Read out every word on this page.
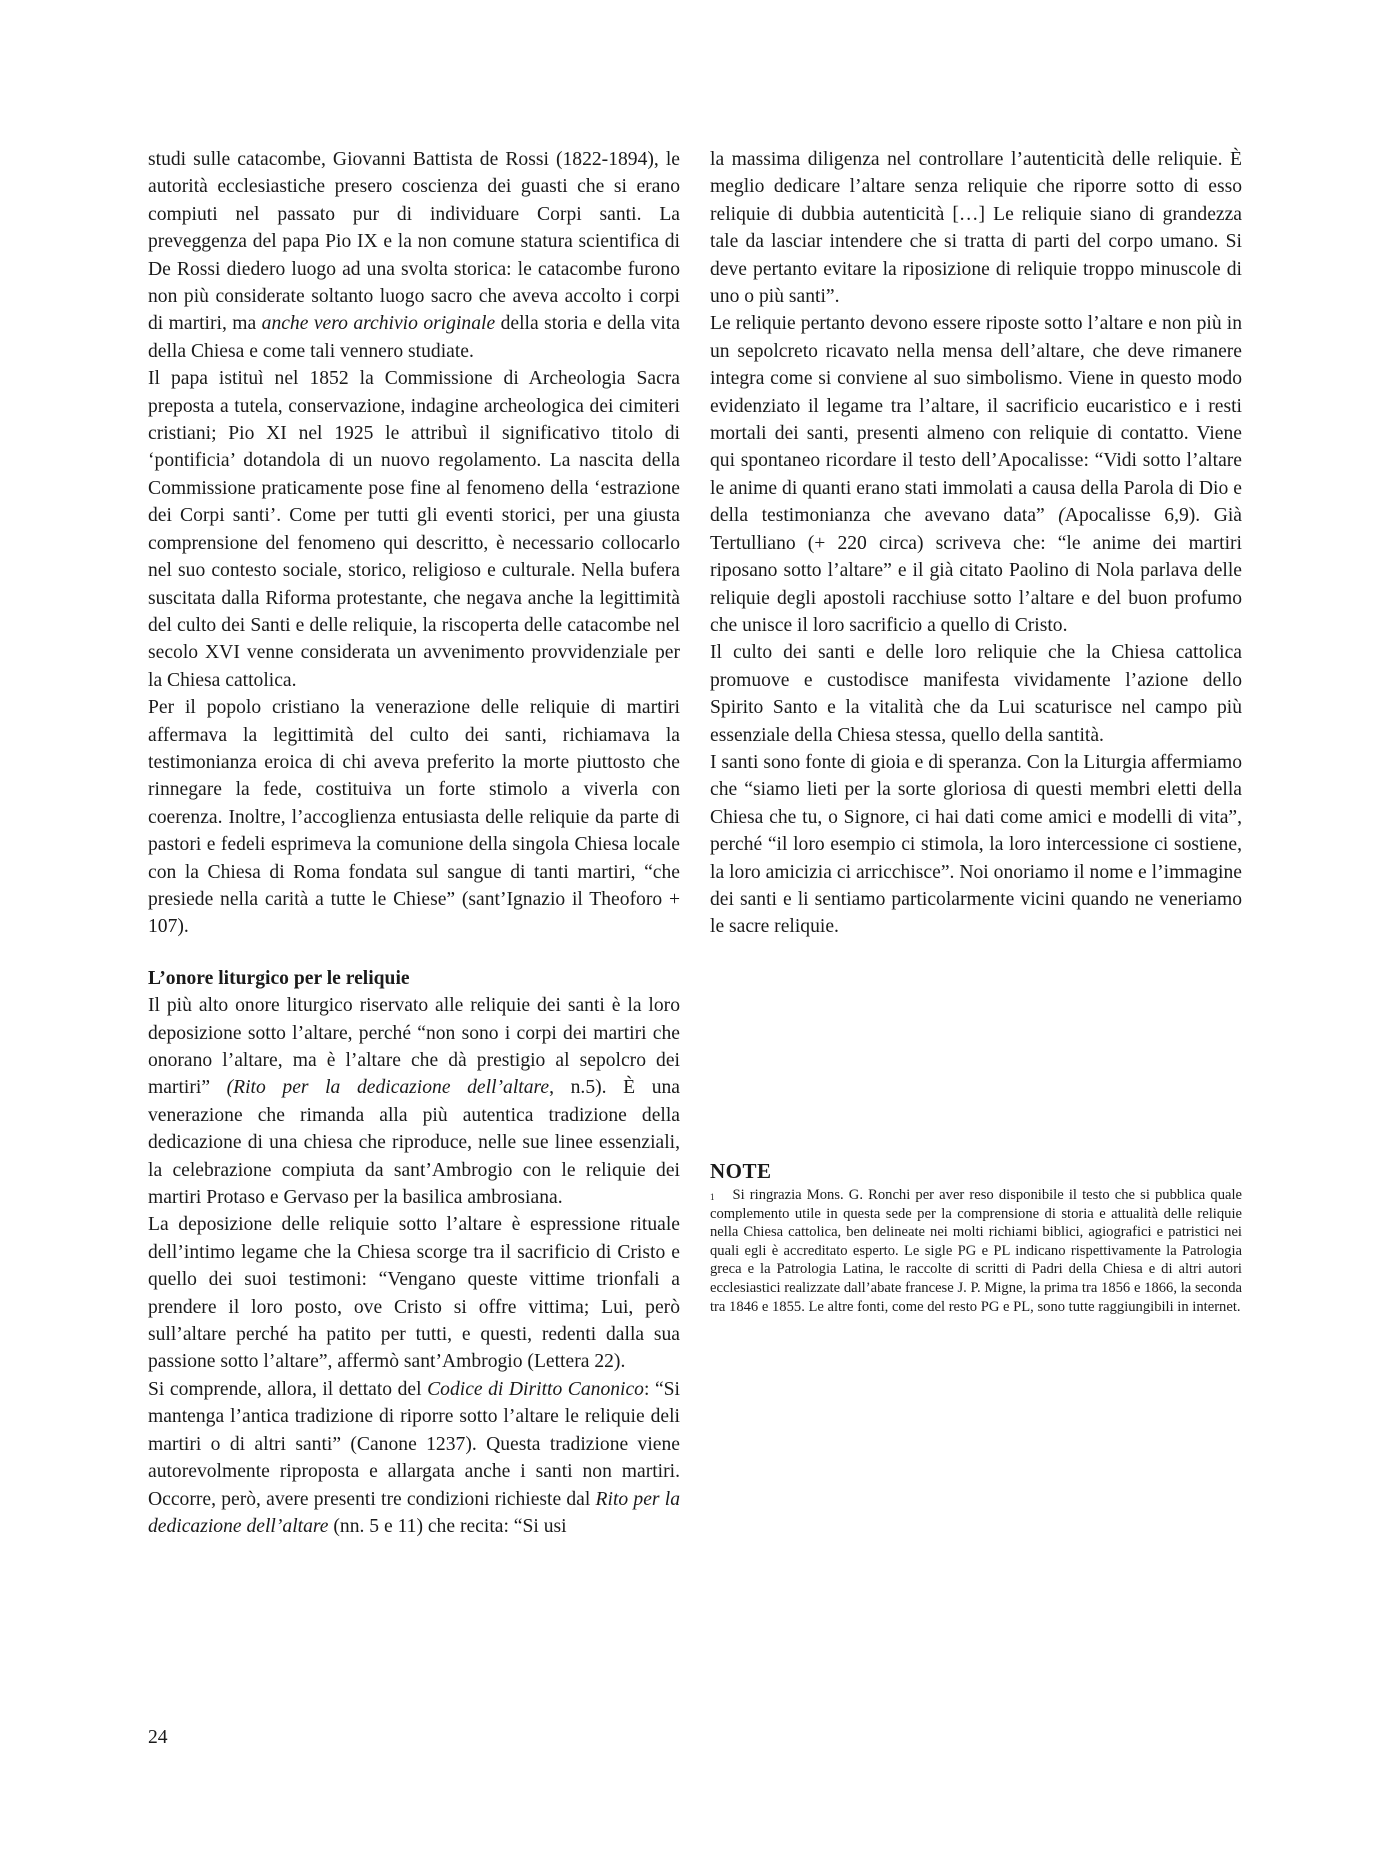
studi sulle catacombe, Giovanni Battista de Rossi (1822-1894), le autorità ecclesiastiche presero coscienza dei guasti che si erano compiuti nel passato pur di individuare Corpi santi. La preveggenza del papa Pio IX e la non comune statura scientifica di De Rossi diedero luogo ad una svolta storica: le catacombe furono non più considerate soltanto luogo sacro che aveva accolto i corpi di martiri, ma anche vero archivio originale della storia e della vita della Chiesa e come tali vennero studiate.

Il papa istituì nel 1852 la Commissione di Archeologia Sacra preposta a tutela, conservazione, indagine archeologica dei cimiteri cristiani; Pio XI nel 1925 le attribuì il significativo titolo di ‘pontificia’ dotandola di un nuovo regolamento. La nascita della Commissione praticamente pose fine al fenomeno della ‘estrazione dei Corpi santi’. Come per tutti gli eventi storici, per una giusta comprensione del fenomeno qui descritto, è necessario collocarlo nel suo contesto sociale, storico, religioso e culturale. Nella bufera suscitata dalla Riforma protestante, che negava anche la legittimità del culto dei Santi e delle reliquie, la riscoperta delle catacombe nel secolo XVI venne considerata un avvenimento provvidenziale per la Chiesa cattolica.

Per il popolo cristiano la venerazione delle reliquie di martiri affermava la legittimità del culto dei santi, richiamava la testimonianza eroica di chi aveva preferito la morte piuttosto che rinnegare la fede, costituiva un forte stimolo a viverla con coerenza. Inoltre, l’accoglienza entusiasta delle reliquie da parte di pastori e fedeli esprimeva la comunione della singola Chiesa locale con la Chiesa di Roma fondata sul sangue di tanti martiri, “che presiede nella carità a tutte le Chiese” (sant’Ignazio il Theoforo + 107).

L’onore liturgico per le reliquie

Il più alto onore liturgico riservato alle reliquie dei santi è la loro deposizione sotto l’altare, perché “non sono i corpi dei martiri che onorano l’altare, ma è l’altare che dà prestigio al sepolcro dei martiri” (Rito per la dedicazione dell’altare, n.5). È una venerazione che rimanda alla più autentica tradizione della dedicazione di una chiesa che riproduce, nelle sue linee essenziali, la celebrazione compiuta da sant’Ambrogio con le reliquie dei martiri Protaso e Gervaso per la basilica ambrosiana.

La deposizione delle reliquie sotto l’altare è espressione rituale dell’intimo legame che la Chiesa scorge tra il sacrificio di Cristo e quello dei suoi testimoni: “Vengano queste vittime trionfali a prendere il loro posto, ove Cristo si offre vittima; Lui, però sull’altare perché ha patito per tutti, e questi, redenti dalla sua passione sotto l’altare”, affermò sant’Ambrogio (Lettera 22).

Si comprende, allora, il dettato del Codice di Diritto Canonico: “Si mantenga l’antica tradizione di riporre sotto l’altare le reliquie deli martiri o di altri santi” (Canone 1237). Questa tradizione viene autorevolmente riproposta e allargata anche i santi non martiri. Occorre, però, avere presenti tre condizioni richieste dal Rito per la dedicazione dell’altare (nn. 5 e 11) che recita: “Si usi

la massima diligenza nel controllare l’autenticità delle reliquie. È meglio dedicare l’altare senza reliquie che riporre sotto di esso reliquie di dubbia autenticità […] Le reliquie siano di grandezza tale da lasciar intendere che si tratta di parti del corpo umano. Si deve pertanto evitare la riposizione di reliquie troppo minuscole di uno o più santi”.

Le reliquie pertanto devono essere riposte sotto l’altare e non più in un sepolcreto ricavato nella mensa dell’altare, che deve rimanere integra come si conviene al suo simbolismo. Viene in questo modo evidenziato il legame tra l’altare, il sacrificio eucaristico e i resti mortali dei santi, presenti almeno con reliquie di contatto. Viene qui spontaneo ricordare il testo dell’Apocalisse: “Vidi sotto l’altare le anime di quanti erano stati immolati a causa della Parola di Dio e della testimonianza che avevano data” (Apocalisse 6,9). Già Tertulliano (+ 220 circa) scriveva che: “le anime dei martiri riposano sotto l’altare” e il già citato Paolino di Nola parlava delle reliquie degli apostoli racchiuse sotto l’altare e del buon profumo che unisce il loro sacrificio a quello di Cristo.

Il culto dei santi e delle loro reliquie che la Chiesa cattolica promuove e custodisce manifesta vividamente l’azione dello Spirito Santo e la vitalità che da Lui scaturisce nel campo più essenziale della Chiesa stessa, quello della santità.

I santi sono fonte di gioia e di speranza. Con la Liturgia affermiamo che “siamo lieti per la sorte gloriosa di questi membri eletti della Chiesa che tu, o Signore, ci hai dati come amici e modelli di vita”, perché “il loro esempio ci stimola, la loro intercessione ci sostiene, la loro amicizia ci arricchisce”. Noi onoriamo il nome e l’immagine dei santi e li sentiamo particolarmente vicini quando ne veneriamo le sacre reliquie.

NOTE

$^1$ Si ringrazia Mons. G. Ronchi per aver reso disponibile il testo che si pubblica quale complemento utile in questa sede per la comprensione di storia e attualità delle reliquie nella Chiesa cattolica, ben delineate nei molti richiami biblici, agiografici e patristici nei quali egli è accreditato esperto. Le sigle PG e PL indicano rispettivamente la Patrologia greca e la Patrologia Latina, le raccolte di scritti di Padri della Chiesa e di altri autori ecclesiastici realizzate dall’abate francese J. P. Migne, la prima tra 1856 e 1866, la seconda tra 1846 e 1855. Le altre fonti, come del resto PG e PL, sono tutte raggiungibili in internet.

24
